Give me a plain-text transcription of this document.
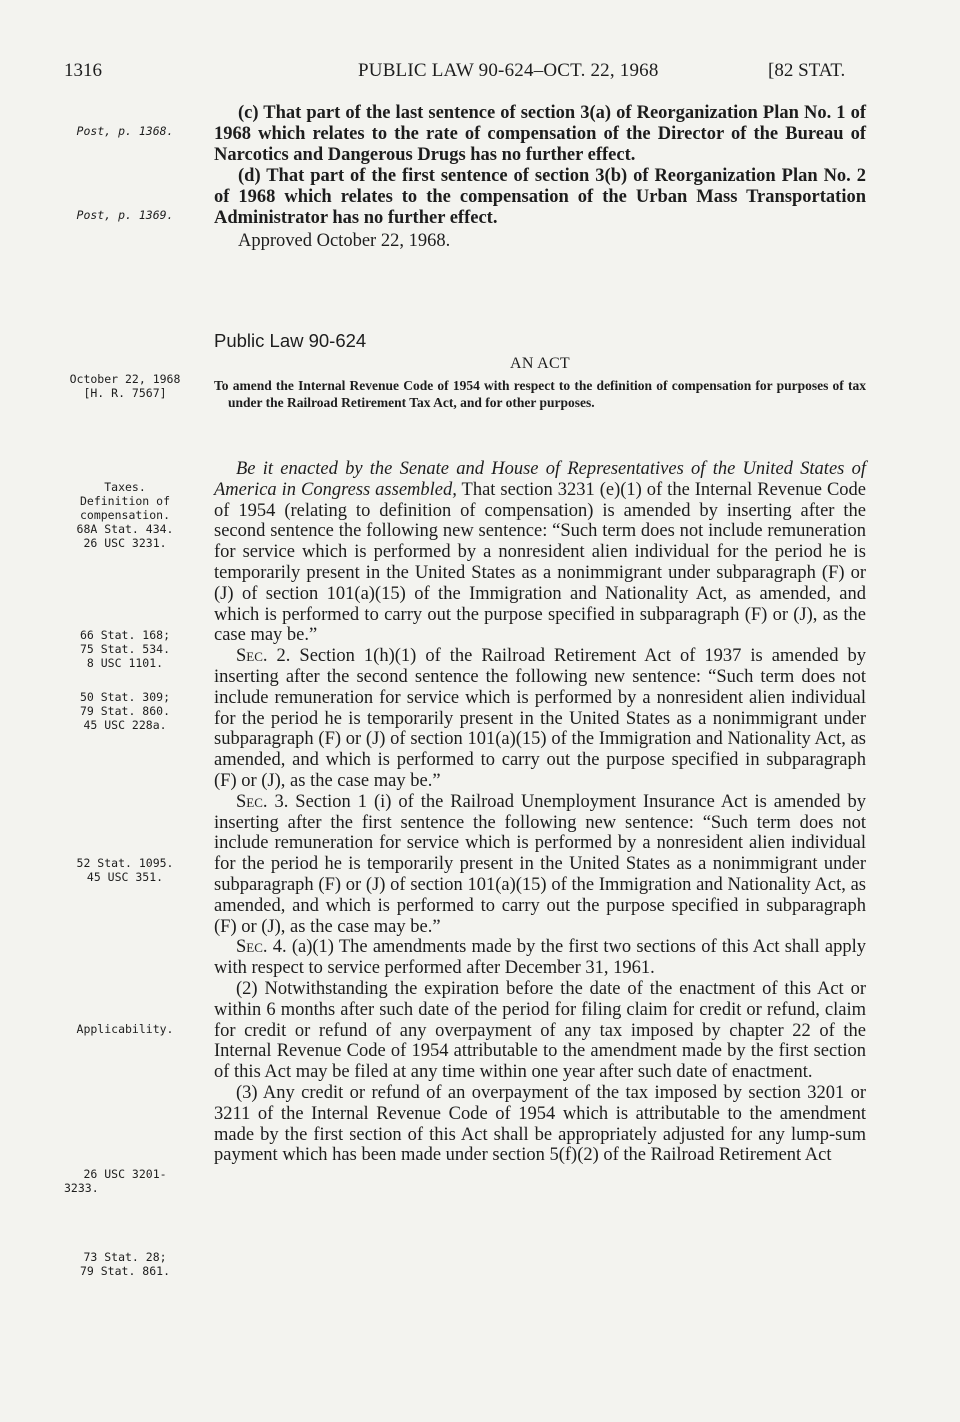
1316	PUBLIC LAW 90-624–OCT. 22, 1968	[82 STAT.
Post, p. 1368.
Post, p. 1369.
October 22, 1968
[H. R. 7567]
Taxes.
Definition of
compensation.
68A Stat. 434.
26 USC 3231.
66 Stat. 168;
75 Stat. 534.
8 USC 1101.
50 Stat. 309;
79 Stat. 860.
45 USC 228a.
52 Stat. 1095.
45 USC 351.
Applicability.
26 USC 3201-
3233.
73 Stat. 28;
79 Stat. 861.

(c) That part of the last sentence of section 3(a) of Reorganization Plan No. 1 of 1968 which relates to the rate of compensation of the Director of the Bureau of Narcotics and Dangerous Drugs has no further effect.

(d) That part of the first sentence of section 3(b) of Reorganization Plan No. 2 of 1968 which relates to the compensation of the Urban Mass Transportation Administrator has no further effect.

Approved October 22, 1968.

Public Law 90-624

AN ACT

To amend the Internal Revenue Code of 1954 with respect to the definition of compensation for purposes of tax under the Railroad Retirement Tax Act, and for other purposes.

Be it enacted by the Senate and House of Representatives of the United States of America in Congress assembled, That section 3231 (e)(1) of the Internal Revenue Code of 1954 (relating to definition of compensation) is amended by inserting after the second sentence the following new sentence: “Such term does not include remuneration for service which is performed by a nonresident alien individual for the period he is temporarily present in the United States as a nonimmigrant under subparagraph (F) or (J) of section 101(a)(15) of the Immigration and Nationality Act, as amended, and which is performed to carry out the purpose specified in subparagraph (F) or (J), as the case may be.”

Sec. 2. Section 1(h)(1) of the Railroad Retirement Act of 1937 is amended by inserting after the second sentence the following new sentence: “Such term does not include remuneration for service which is performed by a nonresident alien individual for the period he is temporarily present in the United States as a nonimmigrant under subparagraph (F) or (J) of section 101(a)(15) of the Immigration and Nationality Act, as amended, and which is performed to carry out the purpose specified in subparagraph (F) or (J), as the case may be.”

Sec. 3. Section 1 (i) of the Railroad Unemployment Insurance Act is amended by inserting after the first sentence the following new sentence: “Such term does not include remuneration for service which is performed by a nonresident alien individual for the period he is temporarily present in the United States as a nonimmigrant under subparagraph (F) or (J) of section 101(a)(15) of the Immigration and Nationality Act, as amended, and which is performed to carry out the purpose specified in subparagraph (F) or (J), as the case may be.”

Sec. 4. (a)(1) The amendments made by the first two sections of this Act shall apply with respect to service performed after December 31, 1961.

(2) Notwithstanding the expiration before the date of the enactment of this Act or within 6 months after such date of the period for filing claim for credit or refund, claim for credit or refund of any overpayment of any tax imposed by chapter 22 of the Internal Revenue Code of 1954 attributable to the amendment made by the first section of this Act may be filed at any time within one year after such date of enactment.

(3) Any credit or refund of an overpayment of the tax imposed by section 3201 or 3211 of the Internal Revenue Code of 1954 which is attributable to the amendment made by the first section of this Act shall be appropriately adjusted for any lump-sum payment which has been made under section 5(f)(2) of the Railroad Retirement Act
